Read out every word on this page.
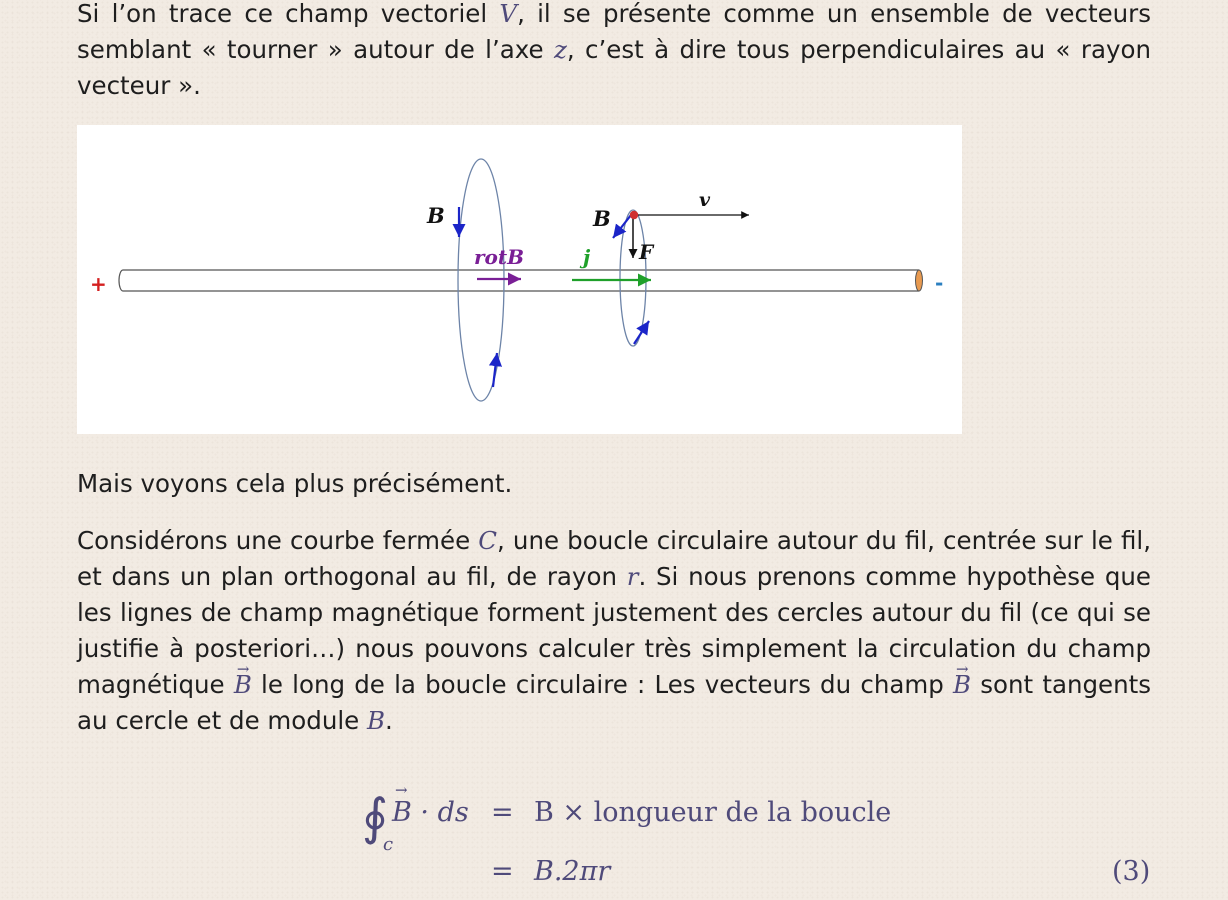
Si l’on trace ce champ vectoriel V, il se présente comme un ensemble de vecteurs semblant « tourner » autour de l’axe z, c’est à dire tous perpendiculaires au « rayon vecteur ».

+	-
B
rotB	j
B
F
v

Mais voyons cela plus précisément.

Considérons une courbe fermée C, une boucle circulaire autour du fil, centrée sur le fil, et dans un plan orthogonal au fil, de rayon r. Si nous prenons comme hypothèse que les lignes de champ magnétique forment justement des cercles autour du fil (ce qui se justifie à posteriori…) nous pouvons calculer très simplement la circulation du champ magnétique → B le long de la boucle circulaire : Les vecteurs du champ → B sont tangents au cercle et de module B.

∮
c
→ B · ds = B × longueur de la boucle
= B.2πr	(3)
